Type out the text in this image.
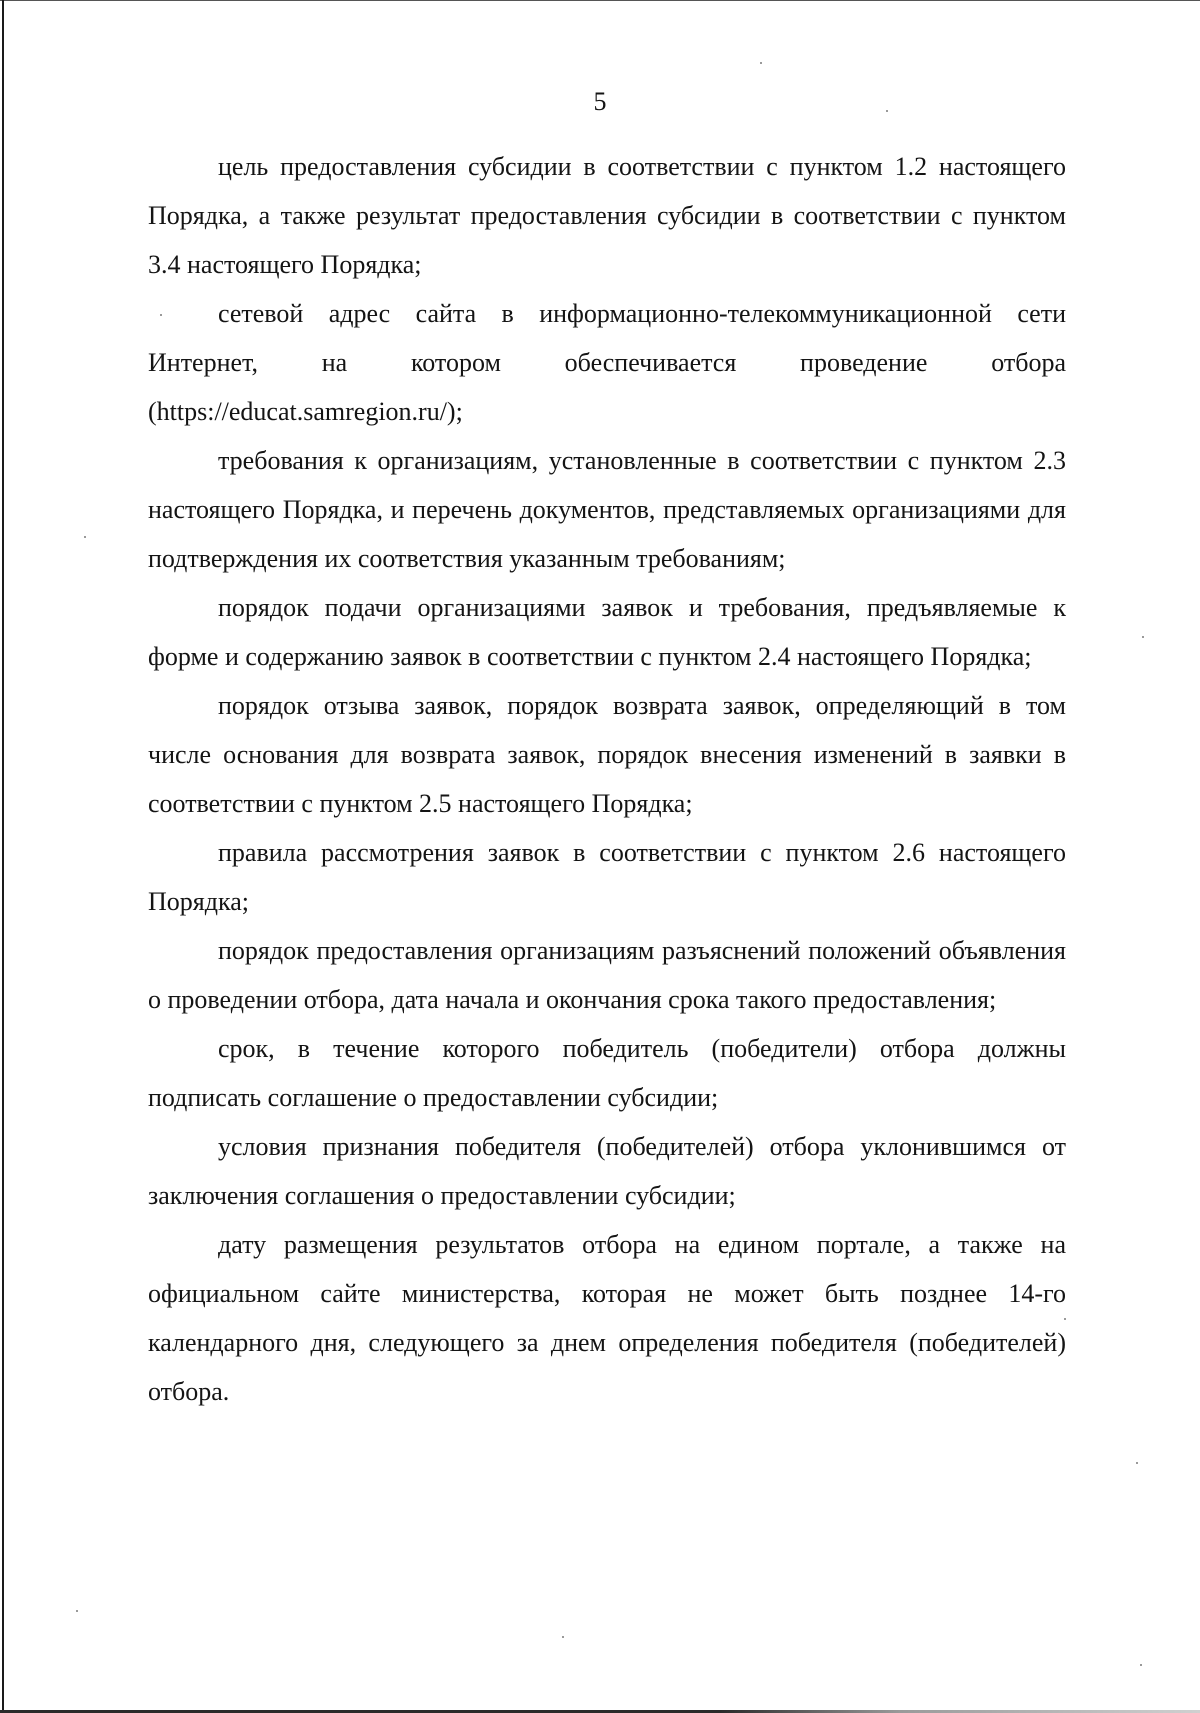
5

цель предоставления субсидии в соответствии с пунктом 1.2 настоящего Порядка, а также результат предоставления субсидии в соответствии с пунктом 3.4 настоящего Порядка;

сетевой адрес сайта в информационно-телекоммуникационной сети Интернет, на котором обеспечивается проведение отбора (https://educat.samregion.ru/);

требования к организациям, установленные в соответствии с пунктом 2.3 настоящего Порядка, и перечень документов, представляемых организациями для подтверждения их соответствия указанным требованиям;

порядок подачи организациями заявок и требования, предъявляемые к форме и содержанию заявок в соответствии с пунктом 2.4 настоящего Порядка;

порядок отзыва заявок, порядок возврата заявок, определяющий в том числе основания для возврата заявок, порядок внесения изменений в заявки в соответствии с пунктом 2.5 настоящего Порядка;

правила рассмотрения заявок в соответствии с пунктом 2.6 настоящего Порядка;

порядок предоставления организациям разъяснений положений объявления о проведении отбора, дата начала и окончания срока такого предоставления;

срок, в течение которого победитель (победители) отбора должны подписать соглашение о предоставлении субсидии;

условия признания победителя (победителей) отбора уклонившимся от заключения соглашения о предоставлении субсидии;

дату размещения результатов отбора на едином портале, а также на официальном сайте министерства, которая не может быть позднее 14-го календарного дня, следующего за днем определения победителя (победителей) отбора.
